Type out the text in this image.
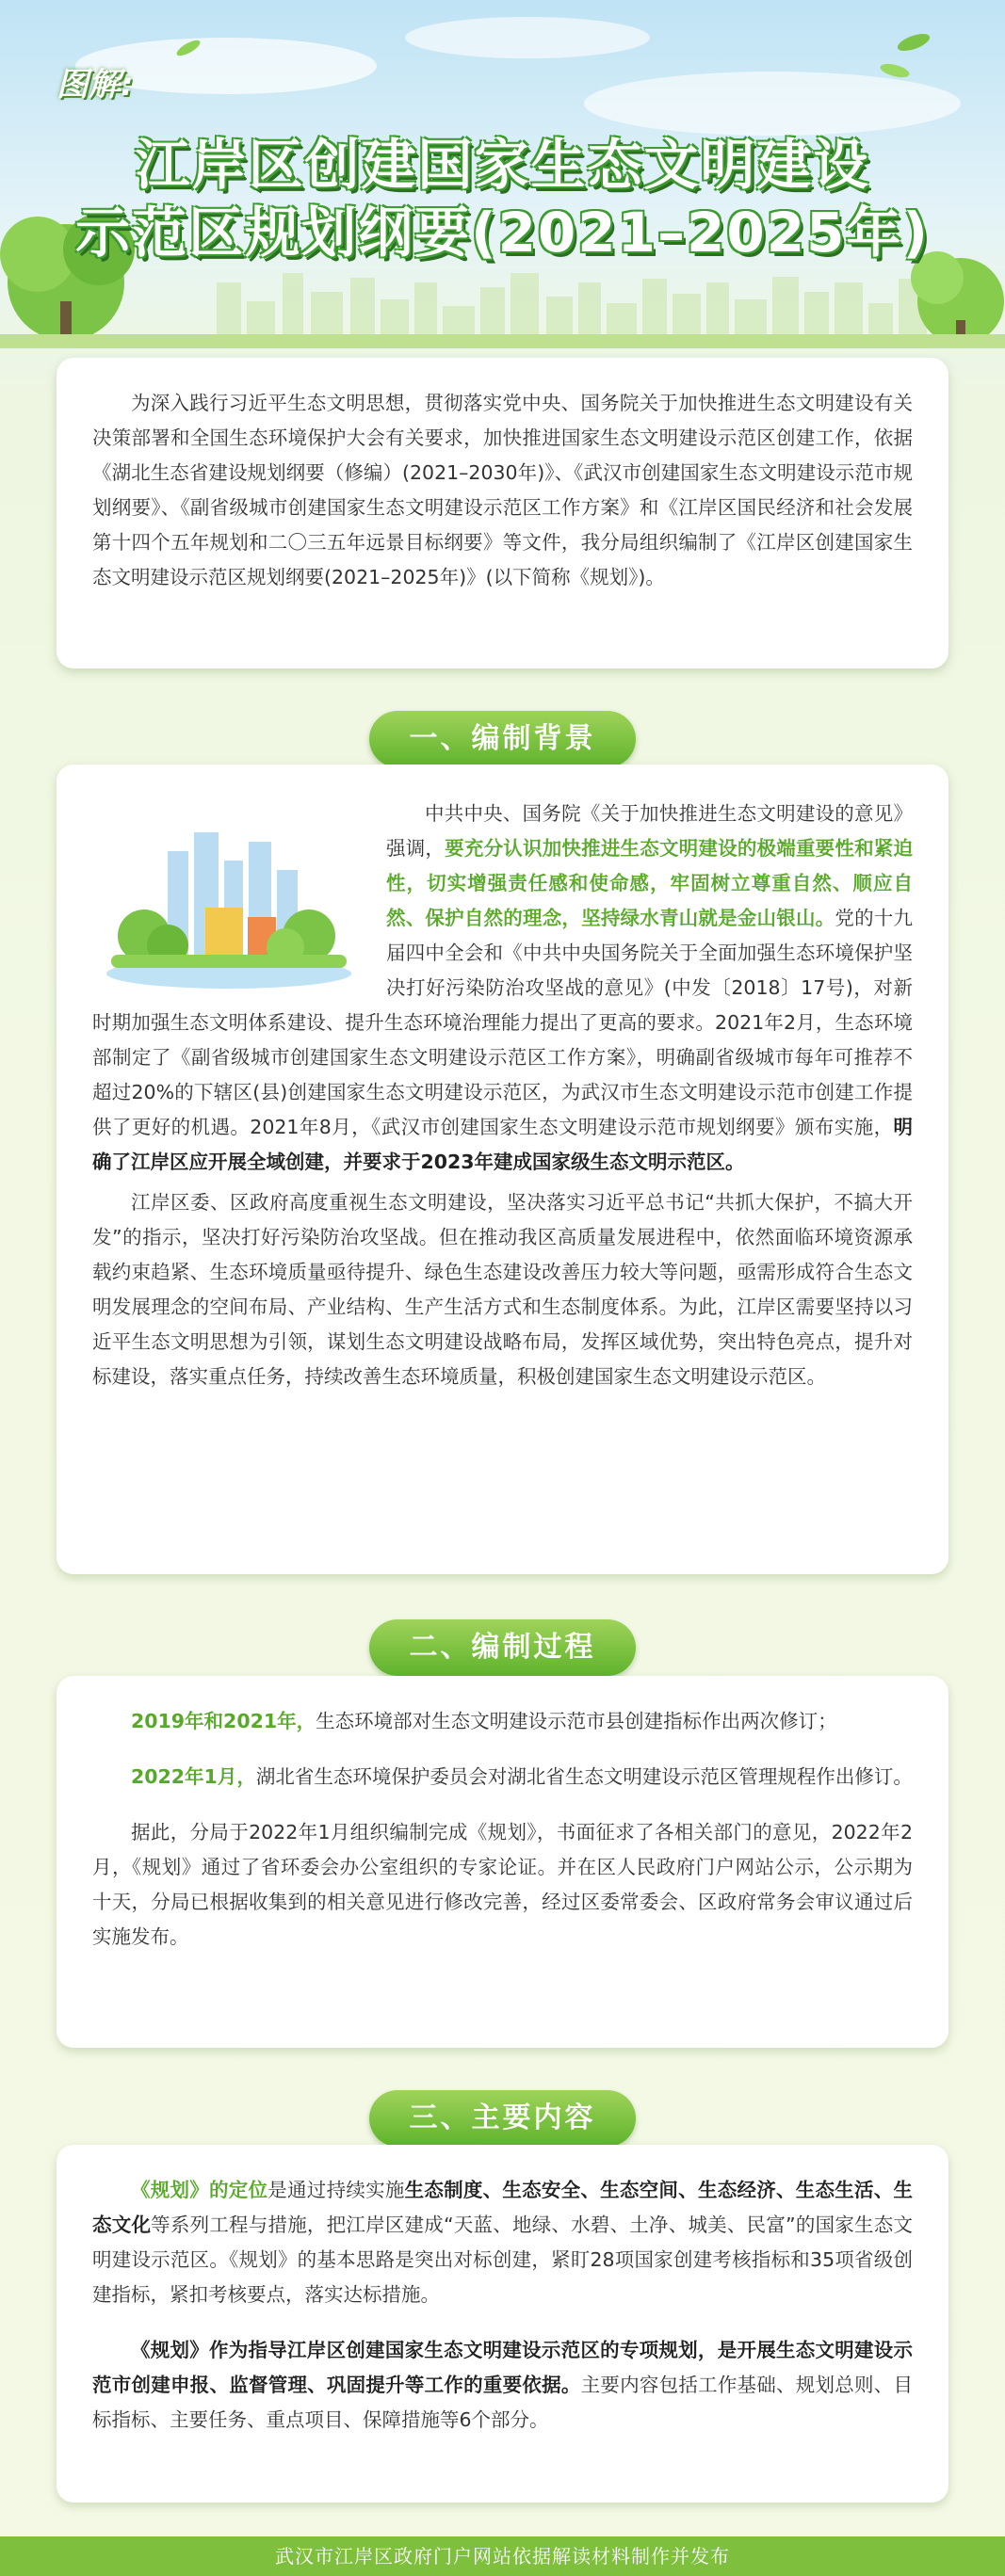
图解:
江岸区创建国家生态文明建设
示范区规划纲要(2021–2025年)

为深入践行习近平生态文明思想，贯彻落实党中央、国务院关于加快推进生态文明建设有关决策部署和全国生态环境保护大会有关要求，加快推进国家生态文明建设示范区创建工作，依据《湖北生态省建设规划纲要（修编）(2021–2030年)》、《武汉市创建国家生态文明建设示范市规划纲要》、《副省级城市创建国家生态文明建设示范区工作方案》和《江岸区国民经济和社会发展第十四个五年规划和二〇三五年远景目标纲要》等文件，我分局组织编制了《江岸区创建国家生态文明建设示范区规划纲要(2021–2025年)》(以下简称《规划》)。

一、编制背景

中共中央、国务院《关于加快推进生态文明建设的意见》强调，要充分认识加快推进生态文明建设的极端重要性和紧迫性，切实增强责任感和使命感，牢固树立尊重自然、顺应自然、保护自然的理念，坚持绿水青山就是金山银山。党的十九届四中全会和《中共中央国务院关于全面加强生态环境保护坚决打好污染防治攻坚战的意见》(中发〔2018〕17号)，对新时期加强生态文明体系建设、提升生态环境治理能力提出了更高的要求。2021年2月，生态环境部制定了《副省级城市创建国家生态文明建设示范区工作方案》，明确副省级城市每年可推荐不超过20%的下辖区(县)创建国家生态文明建设示范区，为武汉市生态文明建设示范市创建工作提供了更好的机遇。2021年8月，《武汉市创建国家生态文明建设示范市规划纲要》颁布实施，明确了江岸区应开展全域创建，并要求于2023年建成国家级生态文明示范区。

江岸区委、区政府高度重视生态文明建设，坚决落实习近平总书记“共抓大保护，不搞大开发”的指示，坚决打好污染防治攻坚战。但在推动我区高质量发展进程中，依然面临环境资源承载约束趋紧、生态环境质量亟待提升、绿色生态建设改善压力较大等问题，亟需形成符合生态文明发展理念的空间布局、产业结构、生产生活方式和生态制度体系。为此，江岸区需要坚持以习近平生态文明思想为引领，谋划生态文明建设战略布局，发挥区域优势，突出特色亮点，提升对标建设，落实重点任务，持续改善生态环境质量，积极创建国家生态文明建设示范区。

二、编制过程

2019年和2021年，生态环境部对生态文明建设示范市县创建指标作出两次修订；

2022年1月，湖北省生态环境保护委员会对湖北省生态文明建设示范区管理规程作出修订。

据此，分局于2022年1月组织编制完成《规划》，书面征求了各相关部门的意见，2022年2月，《规划》通过了省环委会办公室组织的专家论证。并在区人民政府门户网站公示，公示期为十天，分局已根据收集到的相关意见进行修改完善，经过区委常委会、区政府常务会审议通过后实施发布。

三、主要内容

《规划》的定位是通过持续实施生态制度、生态安全、生态空间、生态经济、生态生活、生态文化等系列工程与措施，把江岸区建成“天蓝、地绿、水碧、土净、城美、民富”的国家生态文明建设示范区。《规划》的基本思路是突出对标创建，紧盯28项国家创建考核指标和35项省级创建指标，紧扣考核要点，落实达标措施。

《规划》作为指导江岸区创建国家生态文明建设示范区的专项规划，是开展生态文明建设示范市创建申报、监督管理、巩固提升等工作的重要依据。主要内容包括工作基础、规划总则、目标指标、主要任务、重点项目、保障措施等6个部分。

武汉市江岸区政府门户网站依据解读材料制作并发布
